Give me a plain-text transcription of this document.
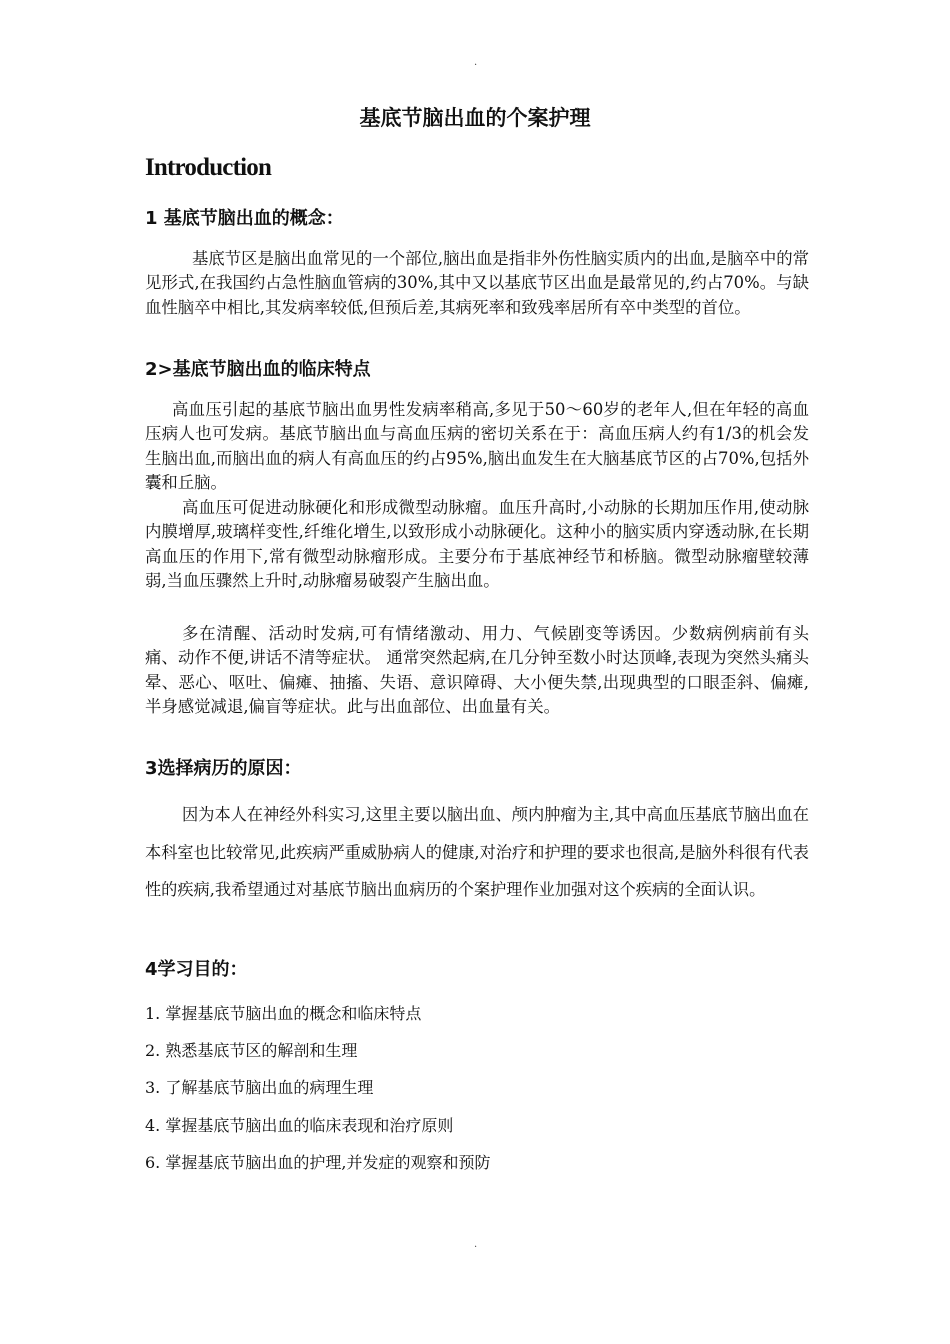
.
基底节脑出血的个案护理
Introduction
1 基底节脑出血的概念：

基底节区是脑出血常见的一个部位,脑出血是指非外伤性脑实质内的出血,是脑卒中的常见形式,在我国约占急性脑血管病的30%,其中又以基底节区出血是最常见的,约占70%。与缺血性脑卒中相比,其发病率较低,但预后差,其病死率和致残率居所有卒中类型的首位。

2>基底节脑出血的临床特点

高血压引起的基底节脑出血男性发病率稍高,多见于50～60岁的老年人,但在年轻的高血压病人也可发病。基底节脑出血与高血压病的密切关系在于：高血压病人约有1/3的机会发生脑出血,而脑出血的病人有高血压的约占95%,脑出血发生在大脑基底节区的占70%,包括外囊和丘脑。

高血压可促进动脉硬化和形成微型动脉瘤。血压升高时,小动脉的长期加压作用,使动脉内膜增厚,玻璃样变性,纤维化增生,以致形成小动脉硬化。这种小的脑实质内穿透动脉,在长期高血压的作用下,常有微型动脉瘤形成。主要分布于基底神经节和桥脑。微型动脉瘤壁较薄弱,当血压骤然上升时,动脉瘤易破裂产生脑出血。

多在清醒、活动时发病,可有情绪激动、用力、气候剧变等诱因。少数病例病前有头痛、动作不便,讲话不清等症状。 通常突然起病,在几分钟至数小时达顶峰,表现为突然头痛头晕、恶心、呕吐、偏瘫、抽搐、失语、意识障碍、大小便失禁,出现典型的口眼歪斜、偏瘫,半身感觉减退,偏盲等症状。此与出血部位、出血量有关。

3选择病历的原因：

因为本人在神经外科实习,这里主要以脑出血、颅内肿瘤为主,其中高血压基底节脑出血在本科室也比较常见,此疾病严重威胁病人的健康,对治疗和护理的要求也很高,是脑外科很有代表性的疾病,我希望通过对基底节脑出血病历的个案护理作业加强对这个疾病的全面认识。

4学习目的：
1. 掌握基底节脑出血的概念和临床特点
2. 熟悉基底节区的解剖和生理
3. 了解基底节脑出血的病理生理
4. 掌握基底节脑出血的临床表现和治疗原则
6. 掌握基底节脑出血的护理,并发症的观察和预防
.
